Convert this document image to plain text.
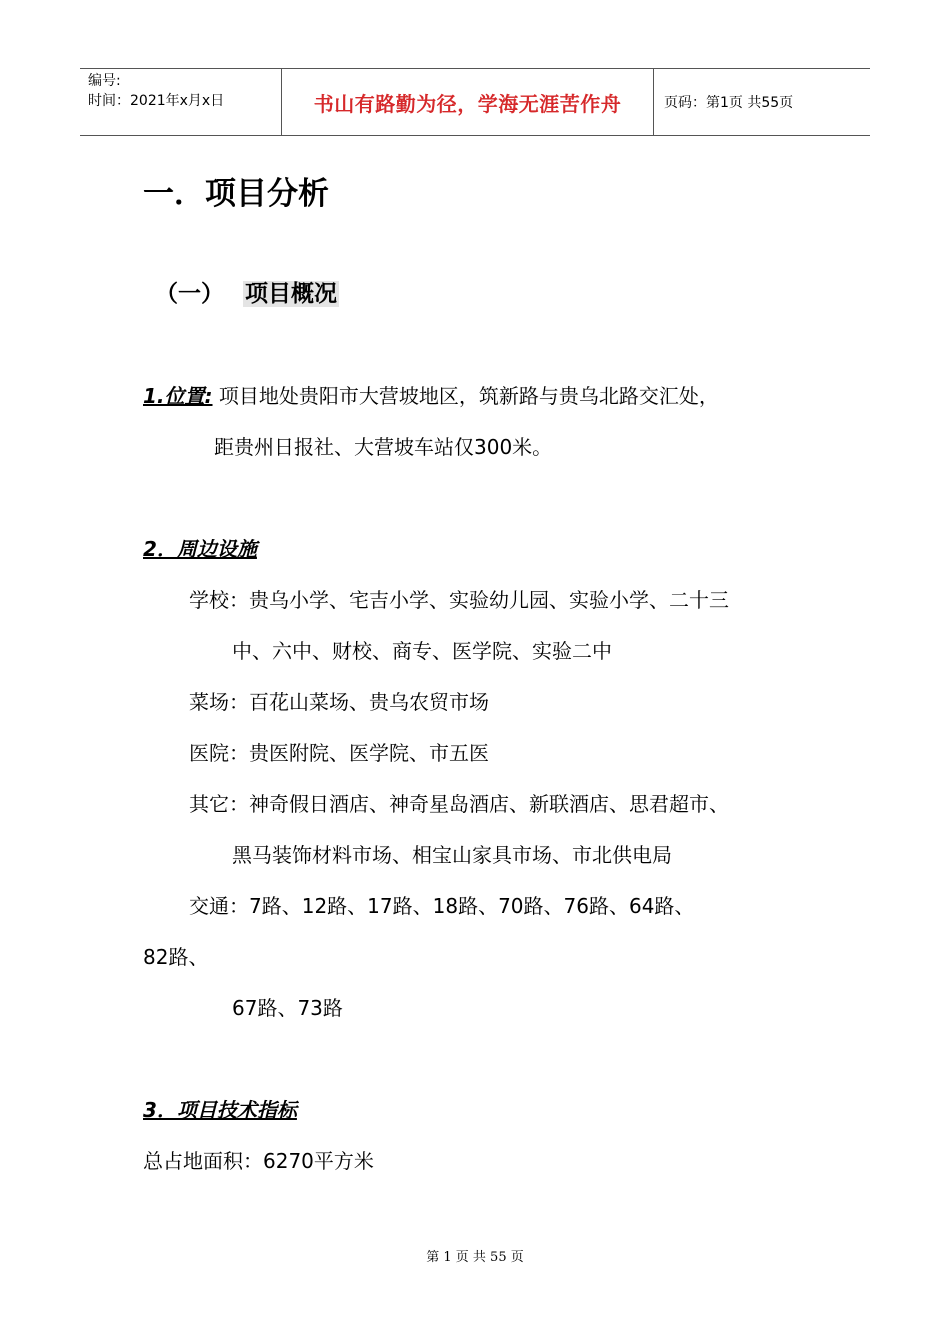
编号:
时间：2021年x月x日	书山有路勤为径，学海无涯苦作舟	页码：第1页 共55页
一．项目分析
（一） 项目概况
1.位置: 项目地处贵阳市大营坡地区，筑新路与贵乌北路交汇处，
距贵州日报社、大营坡车站仅300米。
2．周边设施
学校：贵乌小学、宅吉小学、实验幼儿园、实验小学、二十三
中、六中、财校、商专、医学院、实验二中
菜场：百花山菜场、贵乌农贸市场
医院：贵医附院、医学院、市五医
其它：神奇假日酒店、神奇星岛酒店、新联酒店、思君超市、
黑马装饰材料市场、相宝山家具市场、市北供电局
交通：7路、12路、17路、18路、70路、76路、64路、
82路、
67路、73路
3．项目技术指标
总占地面积：6270平方米
第 1 页 共 55 页
